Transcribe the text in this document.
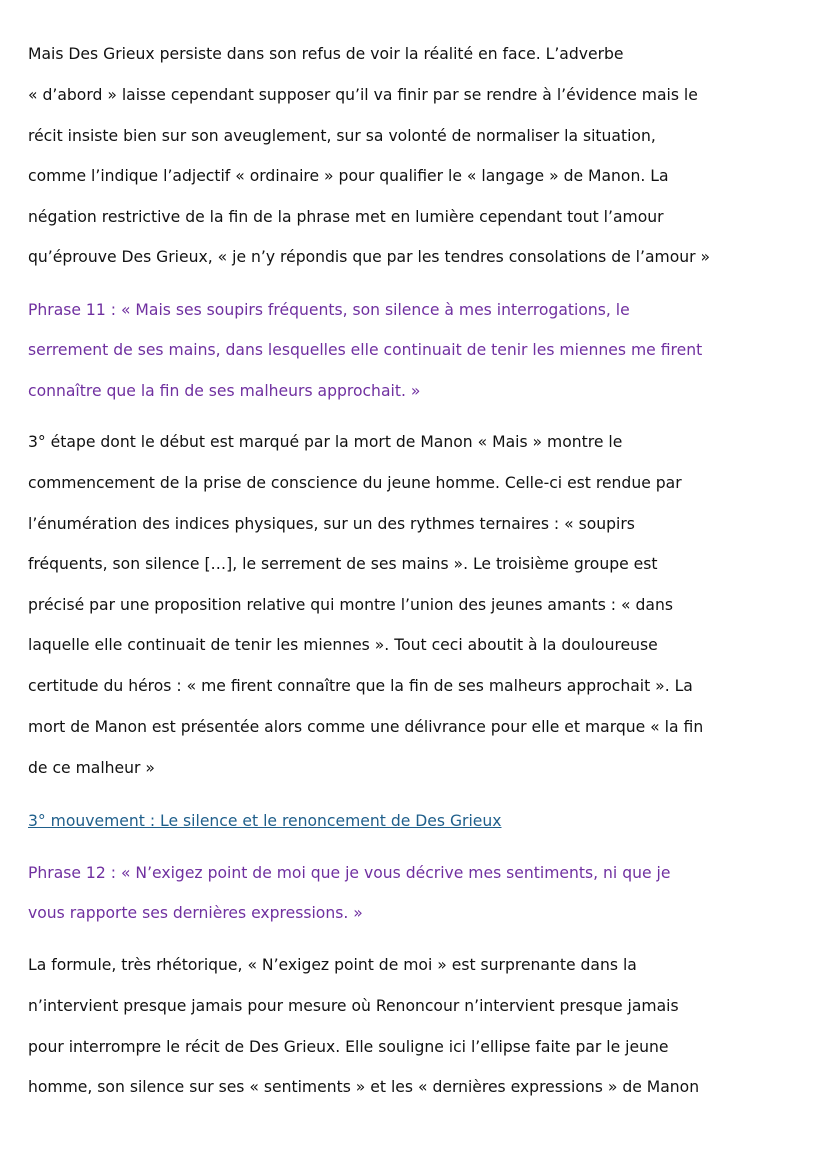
Mais Des Grieux persiste dans son refus de voir la réalité en face. L’adverbe
« d’abord » laisse cependant supposer qu’il va finir par se rendre à l’évidence mais le
récit insiste bien sur son aveuglement, sur sa volonté de normaliser la situation,
comme l’indique l’adjectif « ordinaire » pour qualifier le « langage » de Manon. La
négation restrictive de la fin de la phrase met en lumière cependant tout l’amour
qu’éprouve Des Grieux, « je n’y répondis que par les tendres consolations de l’amour »
Phrase 11 : « Mais ses soupirs fréquents, son silence à mes interrogations, le
serrement de ses mains, dans lesquelles elle continuait de tenir les miennes me firent
connaître que la fin de ses malheurs approchait. »
3° étape dont le début est marqué par la mort de Manon « Mais » montre le
commencement de la prise de conscience du jeune homme. Celle-ci est rendue par
l’énumération des indices physiques, sur un des rythmes ternaires : « soupirs
fréquents, son silence […], le serrement de ses mains ». Le troisième groupe est
précisé par une proposition relative qui montre l’union des jeunes amants : « dans
laquelle elle continuait de tenir les miennes ». Tout ceci aboutit à la douloureuse
certitude du héros : « me firent connaître que la fin de ses malheurs approchait ». La
mort de Manon est présentée alors comme une délivrance pour elle et marque « la fin
de ce malheur »
3° mouvement : Le silence et le renoncement de Des Grieux
Phrase 12 : « N’exigez point de moi que je vous décrive mes sentiments, ni que je
vous rapporte ses dernières expressions. »
La formule, très rhétorique, « N’exigez point de moi » est surprenante dans la
n’intervient presque jamais pour mesure où Renoncour n’intervient presque jamais
pour interrompre le récit de Des Grieux. Elle souligne ici l’ellipse faite par le jeune
homme, son silence sur ses « sentiments » et les « dernières expressions » de Manon
